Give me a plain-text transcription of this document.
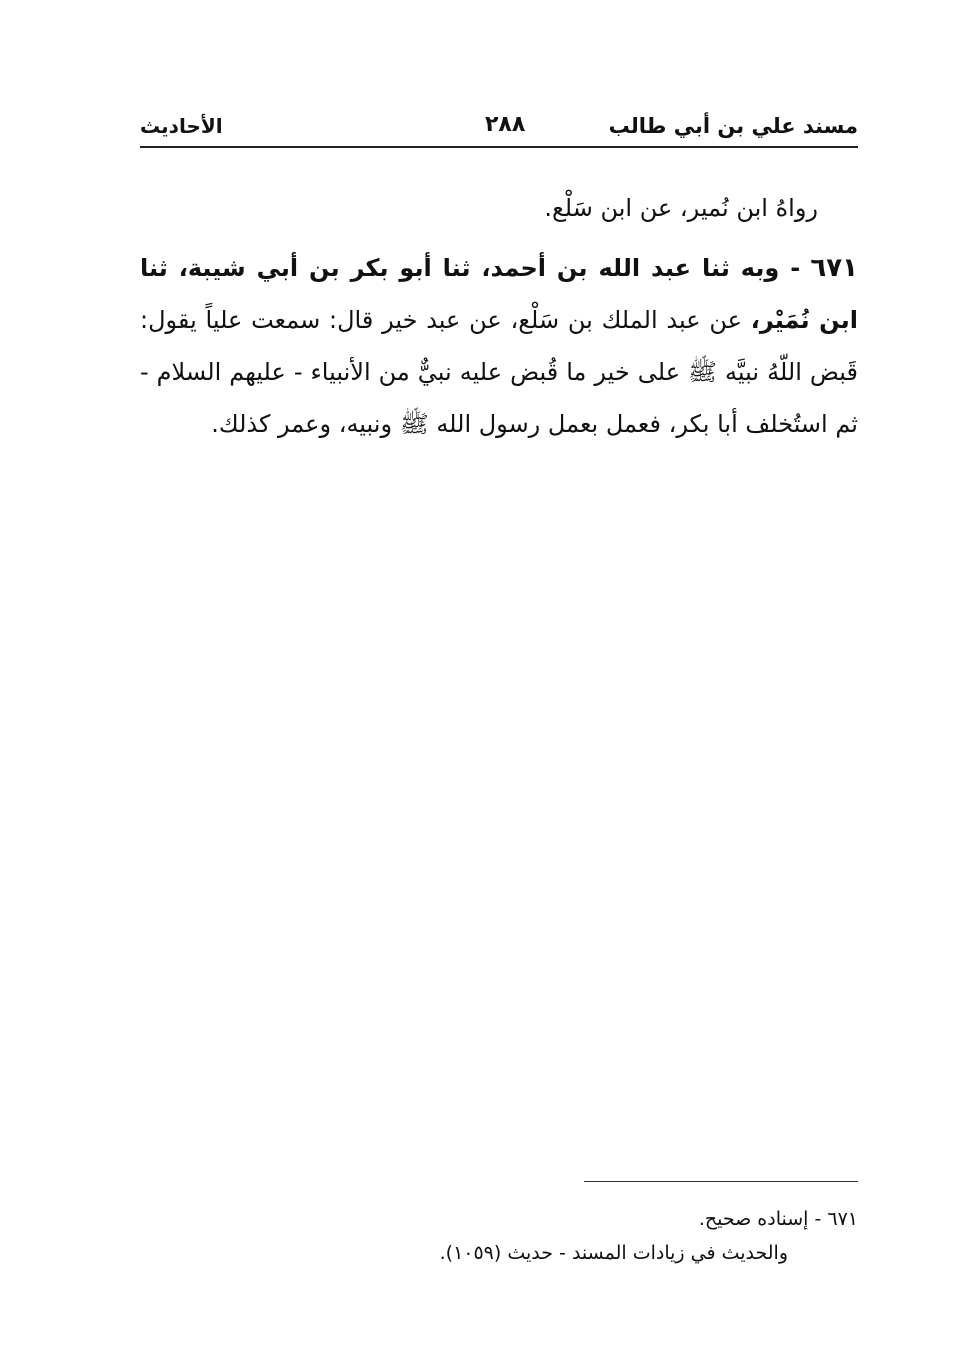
مسند علي بن أبي طالب
٢٨٨
الأحاديث

رواهُ ابن نُمير، عن ابن سَلْع.

٦٧١ - وبه ثنا عبد الله بن أحمد، ثنا أبو بكر بن أبي شيبة، ثنا ابن نُمَيْر، عن عبد الملك بن سَلْع، عن عبد خير قال: سمعت علياً يقول: قَبض اللّهُ نبيَّه ﷺ على خير ما قُبض عليه نبيٌّ من الأنبياء - عليهم السلام - ثم استُخلف أبا بكر، فعمل بعمل رسول الله ﷺ ونبيه، وعمر كذلك.

٦٧١ - إسناده صحيح.

والحديث في زيادات المسند - حديث (١٠٥٩).
